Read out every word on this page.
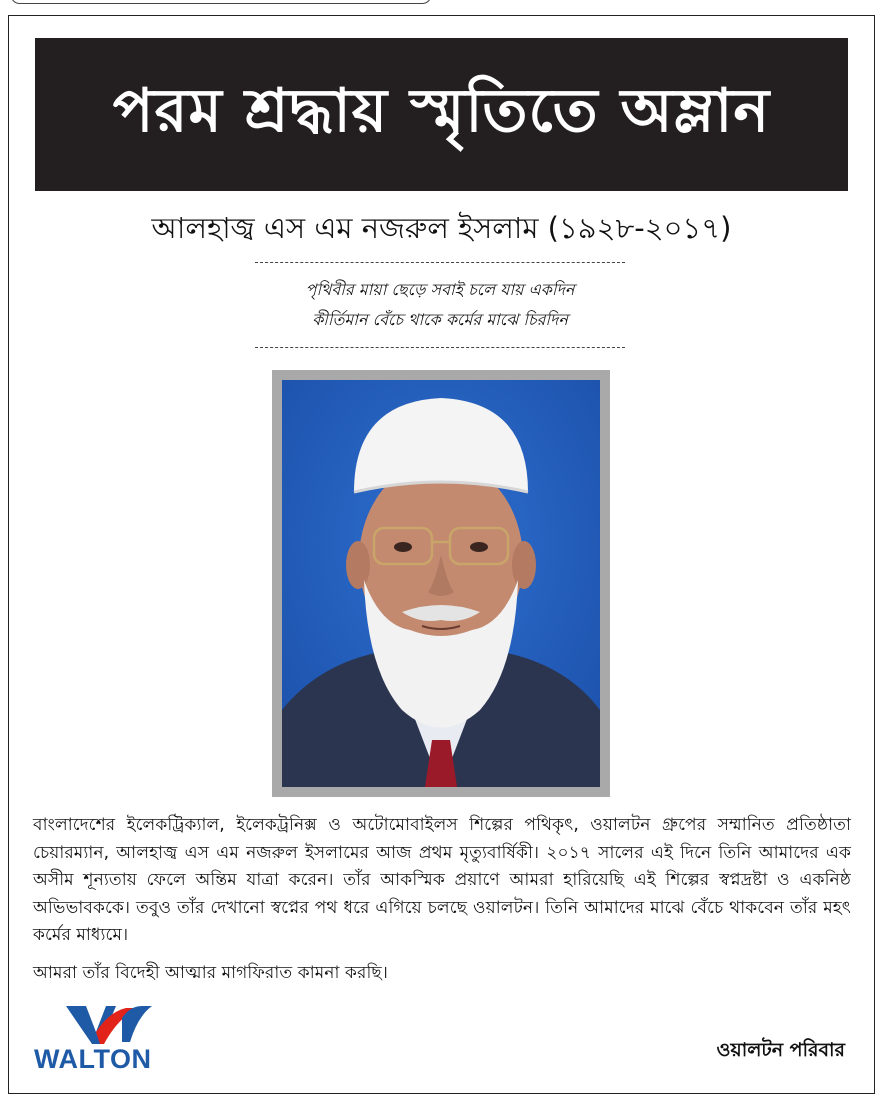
পরম শ্রদ্ধায় স্মৃতিতে অম্লান
আলহাজ্ব এস এম নজরুল ইসলাম (১৯২৮-২০১৭)
পৃথিবীর মায়া ছেড়ে সবাই চলে যায় একদিন
কীর্তিমান বেঁচে থাকে কর্মের মাঝে চিরদিন

বাংলাদেশের ইলেকট্রিক্যাল, ইলেকট্রনিক্স ও অটোমোবাইলস শিল্পের পথিকৃৎ, ওয়ালটন গ্রুপের সম্মানিত প্রতিষ্ঠাতা চেয়ারম্যান, আলহাজ্ব এস এম নজরুল ইসলামের আজ প্রথম মৃত্যুবার্ষিকী। ২০১৭ সালের এই দিনে তিনি আমাদের এক অসীম শূন্যতায় ফেলে অন্তিম যাত্রা করেন। তাঁর আকস্মিক প্রয়াণে আমরা হারিয়েছি এই শিল্পের স্বপ্নদ্রষ্টা ও একনিষ্ঠ অভিভাবককে। তবুও তাঁর দেখানো স্বপ্নের পথ ধরে এগিয়ে চলছে ওয়ালটন। তিনি আমাদের মাঝে বেঁচে থাকবেন তাঁর মহৎ কর্মের মাধ্যমে।

আমরা তাঁর বিদেহী আত্মার মাগফিরাত কামনা করছি।

WALTON	ওয়ালটন পরিবার
